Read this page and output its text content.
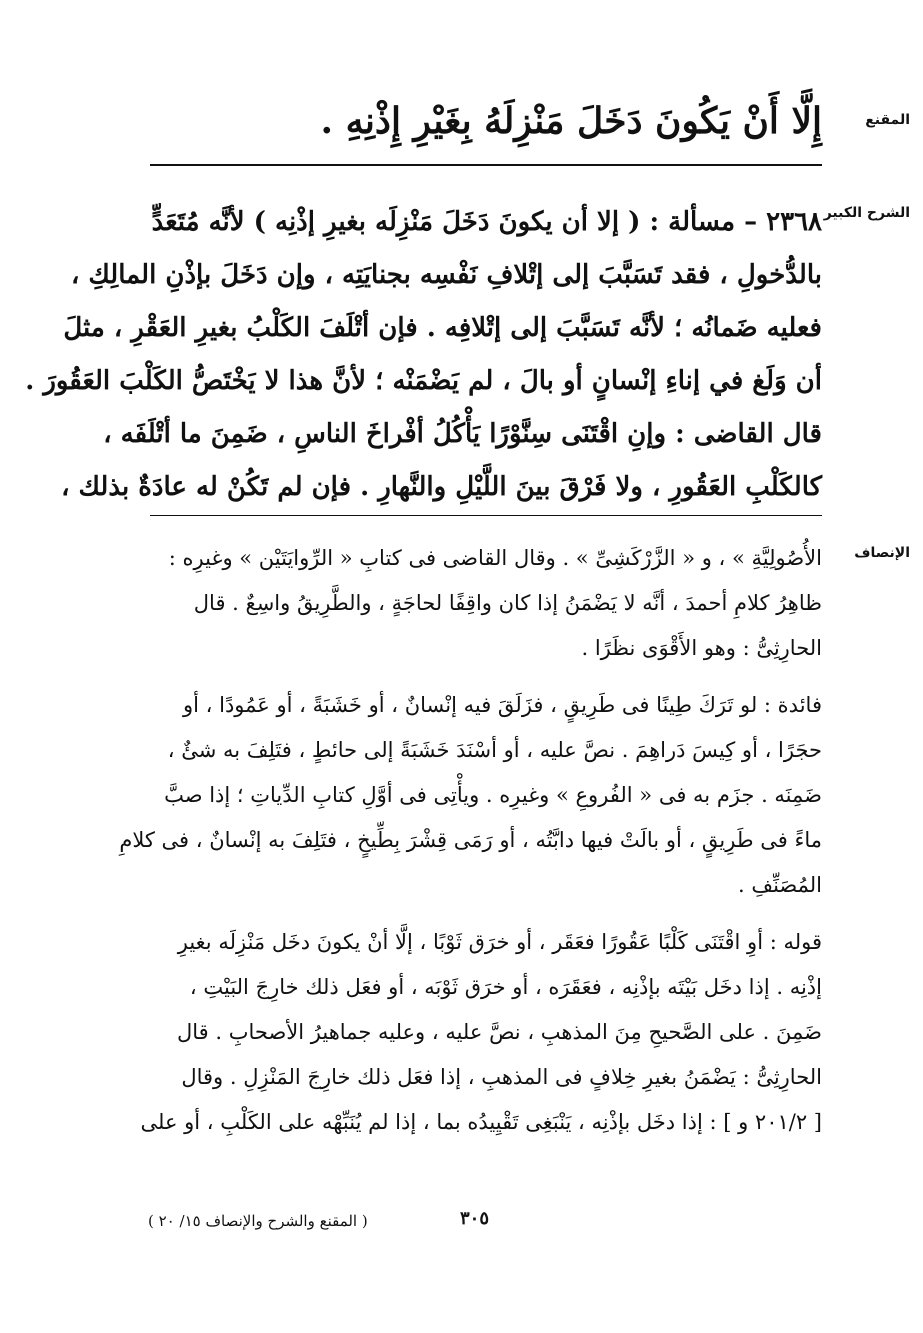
المقنع
الشرح الكبير
الإنصاف
إِلَّا أَنْ يَكُونَ دَخَلَ مَنْزِلَهُ بِغَيْرِ إِذْنِهِ .
٢٣٦٨ – مسألة : ( إلا أن يكونَ دَخَلَ مَنْزِلَه بغيرِ إذْنِه ) لأنَّه مُتَعَدٍّ
بالدُّخولِ ، فقد تَسَبَّبَ إلى إتْلافِ نَفْسِه بجنايَتِه ، وإن دَخَلَ بإذْنِ المالِكِ ،
فعليه ضَمانُه ؛ لأنَّه تَسَبَّبَ إلى إتْلافِه . فإن أتْلَفَ الكَلْبُ بغيرِ العَقْرِ ، مثلَ
أن وَلَغ في إناءِ إنْسانٍ أو بالَ ، لم يَضْمَنْه ؛ لأنَّ هذا لا يَخْتَصُّ الكَلْبَ العَقُورَ .
قال القاضى : وإنِ اقْتَنَى سِنَّوْرًا يَأْكُلُ أفْراخَ الناسِ ، ضَمِنَ ما أتْلَفَه ،
كالكَلْبِ العَقُورِ ، ولا فَرْقَ بينَ اللَّيْلِ والنَّهارِ . فإن لم تَكُنْ له عادَةٌ بذلك ،
الأُصُولِيَّةِ » ، و « الزَّرْكَشِىِّ » . وقال القاضى فى كتابِ « الرِّوايَتَيْن » وغيرِه :
ظاهِرُ كلامِ أحمدَ ، أنَّه لا يَضْمَنُ إذا كان واقِفًا لحاجَةٍ ، والطَّرِيقُ واسِعٌ . قال
الحارِثِىُّ : وهو الأَقْوَى نظَرًا .
فائدة : لو تَرَكَ طِينًا فى طَرِيقٍ ، فزَلَقَ فيه إنْسانٌ ، أو خَشَبَةً ، أو عَمُودًا ، أو
حجَرًا ، أو كِيسَ دَراهِمَ . نصَّ عليه ، أو أسْنَدَ خَشَبَةً إلى حائطٍ ، فتَلِفَ به شئٌ ،
ضَمِنَه . جزَم به فى « الفُروعِ » وغيرِه . ويأْتِى فى أوَّلِ كتابِ الدِّياتِ ؛ إذا صبَّ
ماءً فى طَرِيقٍ ، أو بالَتْ فيها دابَّتُه ، أو رَمَى قِشْرَ بِطِّيخٍ ، فتَلِفَ به إنْسانٌ ، فى كلامِ
المُصَنِّفِ .
قوله : أوِ اقْتَنَى كَلْبًا عَقُورًا فعَقَر ، أو خرَق ثَوْبًا ، إلَّا أنْ يكونَ دخَل مَنْزِلَه بغيرِ
إذْنِه . إذا دخَل بَيْتَه بإذْنِه ، فعَقَرَه ، أو خرَق ثَوْبَه ، أو فعَل ذلك خارِجَ البَيْتِ ،
ضَمِنَ . على الصَّحيحِ مِنَ المذهبِ ، نصَّ عليه ، وعليه جماهيرُ الأصحابِ . قال
الحارِثِىُّ : يَضْمَنُ بغيرِ خِلافٍ فى المذهبِ ، إذا فعَل ذلك خارِجَ المَنْزِلِ . وقال
[ ٢٠١/٢ و ] : إذا دخَل بإذْنِه ، يَنْبَغِى تَقْيِيدُه بما ، إذا لم يُنَبِّهْه على الكَلْبِ ، أو على
٣٠٥
( المقنع والشرح والإنصاف ١٥/ ٢٠ )
